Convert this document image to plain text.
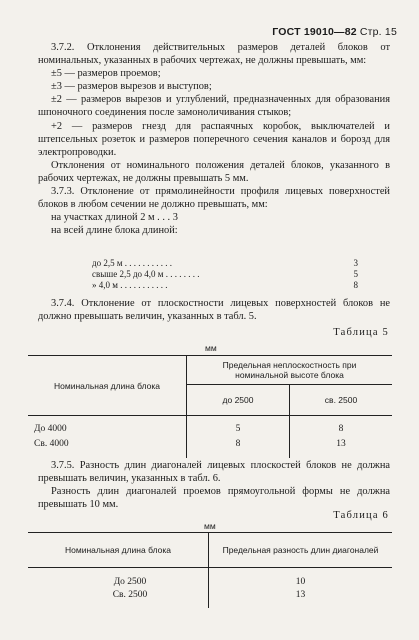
ГОСТ 19010—82 Стр. 15

3.7.2. Отклонения действительных размеров деталей блоков от номинальных, указанных в рабочих чертежах, не должны превышать, мм:

±5 — размеров проемов;

±3 — размеров вырезов и выступов;

±2 — размеров вырезов и углублений, предназначенных для образования шпоночного соединения после замоноличивания стыков;

+2 — размеров гнезд для распаячных коробок, выключателей и штепсельных розеток и размеров поперечного сечения каналов и борозд для электропроводки.

Отклонения от номинального положения деталей блоков, указанного в рабочих чертежах, не должны превышать 5 мм.

3.7.3. Отклонение от прямолинейности профиля лицевых поверхностей блоков в любом сечении не должно превышать, мм:

на участках длиной 2 м . . . 3

на всей длине блока длиной:

до 2,5 м . . . . . . . . . . .	3
свыше 2,5 до 4,0 м . . . . . . . .	5
» 4,0 м . . . . . . . . . . .	8

3.7.4. Отклонение от плоскостности лицевых поверхностей блоков не должно превышать величин, указанных в табл. 5.

Таблица 5
мм
Номинальная длина блока	Предельная неплоскостность при номинальной высоте блока	
	до 2500	св. 2500
До 4000	5	8
Св. 4000	8	13

3.7.5. Разность длин диагоналей лицевых плоскостей блоков не должна превышать величин, указанных в табл. 6.

Разность длин диагоналей проемов прямоугольной формы не должна превышать 10 мм.

Таблица 6
мм
Номинальная длина блока	Предельная разность длин диагоналей
До 2500	10
Св. 2500	13
